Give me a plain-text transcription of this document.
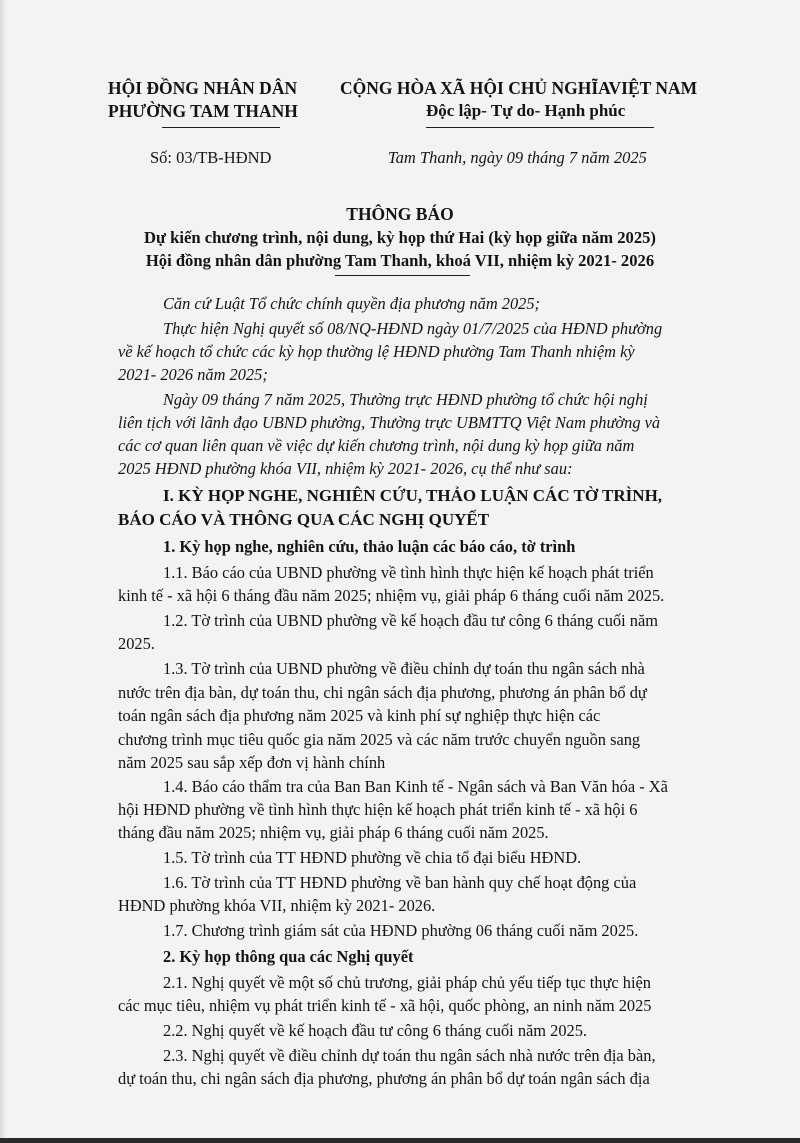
HỘI ĐỒNG NHÂN DÂN
PHƯỜNG TAM THANH
CỘNG HÒA XÃ HỘI CHỦ NGHĨAVIỆT NAM
Độc lập- Tự do- Hạnh phúc
Số: 03/TB-HĐND	Tam Thanh, ngày 09 tháng 7 năm 2025
THÔNG BÁO
Dự kiến chương trình, nội dung, kỳ họp thứ Hai (kỳ họp giữa năm 2025)
Hội đồng nhân dân phường Tam Thanh, khoá VII, nhiệm kỳ 2021- 2026
Căn cứ Luật Tổ chức chính quyền địa phương năm 2025;
Thực hiện Nghị quyết số 08/NQ-HĐND ngày 01/7/2025 của HĐND phường
về kế hoạch tổ chức các kỳ họp thường lệ HĐND phường Tam Thanh nhiệm kỳ
2021- 2026 năm 2025;
Ngày 09 tháng 7 năm 2025, Thường trực HĐND phường tổ chức hội nghị
liên tịch với lãnh đạo UBND phường, Thường trực UBMTTQ Việt Nam phường và
các cơ quan liên quan về việc dự kiến chương trình, nội dung kỳ họp giữa năm
2025 HĐND phường khóa VII, nhiệm kỳ 2021- 2026, cụ thể như sau:
I. KỲ HỌP NGHE, NGHIÊN CỨU, THẢO LUẬN CÁC TỜ TRÌNH,
BÁO CÁO VÀ THÔNG QUA CÁC NGHỊ QUYẾT
1. Kỳ họp nghe, nghiên cứu, thảo luận các báo cáo, tờ trình
1.1. Báo cáo của UBND phường về tình hình thực hiện kế hoạch phát triển
kinh tế - xã hội 6 tháng đầu năm 2025; nhiệm vụ, giải pháp 6 tháng cuối năm 2025.
1.2. Tờ trình của UBND phường về kế hoạch đầu tư công 6 tháng cuối năm
2025.
1.3. Tờ trình của UBND phường về điều chỉnh dự toán thu ngân sách nhà
nước trên địa bàn, dự toán thu, chi ngân sách địa phương, phương án phân bổ dự
toán ngân sách địa phương năm 2025 và kinh phí sự nghiệp thực hiện các
chương trình mục tiêu quốc gia năm 2025 và các năm trước chuyển nguồn sang
năm 2025 sau sắp xếp đơn vị hành chính
1.4. Báo cáo thẩm tra của Ban Ban Kinh tế - Ngân sách và Ban Văn hóa - Xã
hội HĐND phường về tình hình thực hiện kế hoạch phát triển kinh tế - xã hội 6
tháng đầu năm 2025; nhiệm vụ, giải pháp 6 tháng cuối năm 2025.
1.5. Tờ trình của TT HĐND phường về chia tổ đại biểu HĐND.
1.6. Tờ trình của TT HĐND phường về ban hành quy chế hoạt động của
HĐND phường khóa VII, nhiệm kỳ 2021- 2026.
1.7. Chương trình giám sát của HĐND phường 06 tháng cuối năm 2025.
2. Kỳ họp thông qua các Nghị quyết
2.1. Nghị quyết về một số chủ trương, giải pháp chủ yếu tiếp tục thực hiện
các mục tiêu, nhiệm vụ phát triển kinh tế - xã hội, quốc phòng, an ninh năm 2025
2.2. Nghị quyết về kế hoạch đầu tư công 6 tháng cuối năm 2025.
2.3. Nghị quyết về điều chỉnh dự toán thu ngân sách nhà nước trên địa bàn,
dự toán thu, chi ngân sách địa phương, phương án phân bổ dự toán ngân sách địa
